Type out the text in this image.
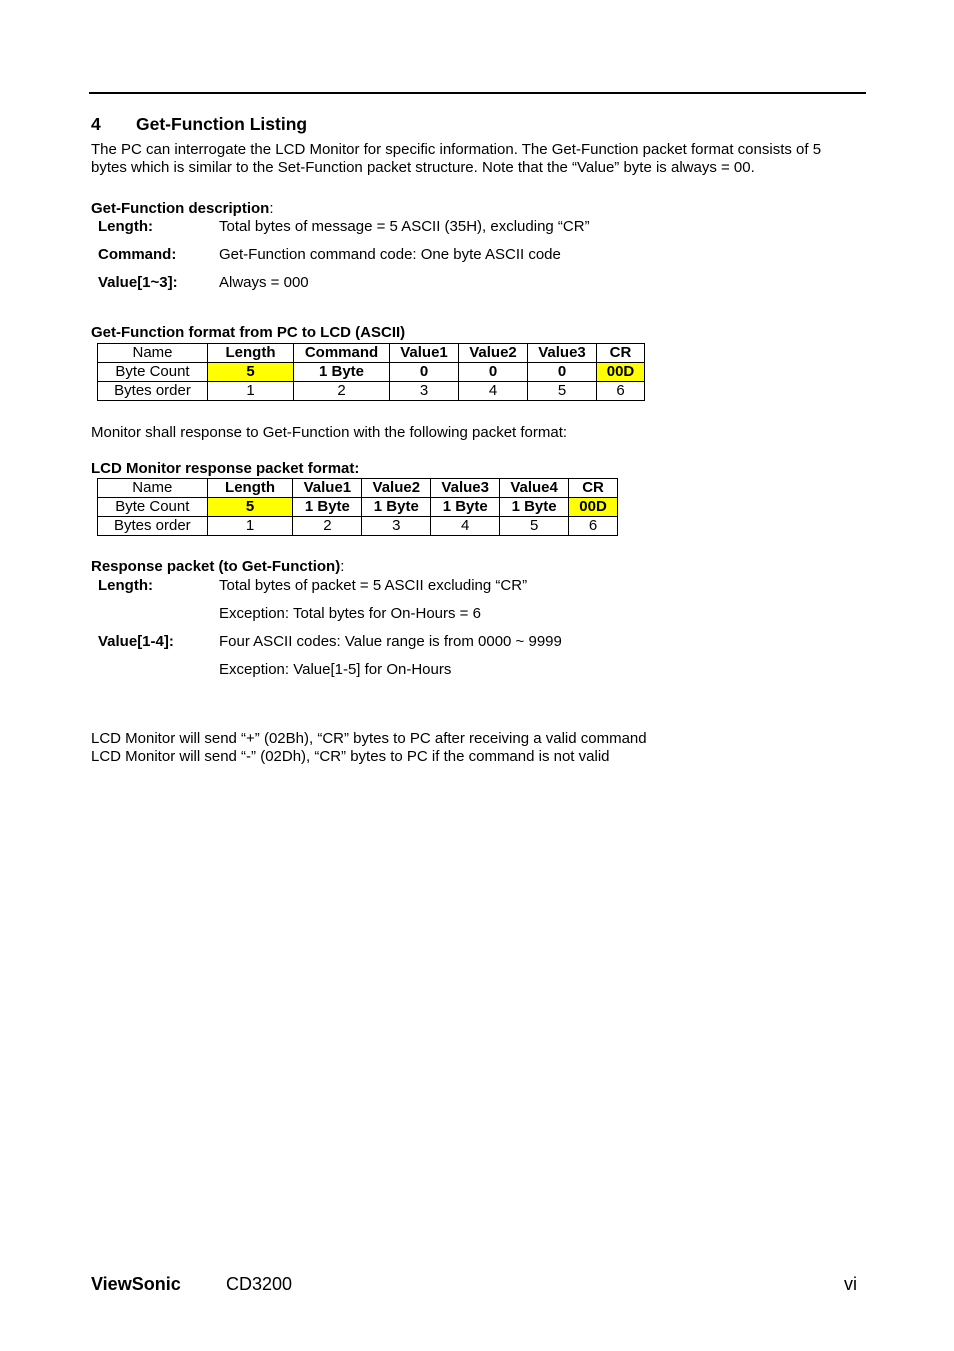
4 Get-Function Listing
The PC can interrogate the LCD Monitor for specific information. The Get-Function packet format consists of 5
bytes which is similar to the Set-Function packet structure. Note that the “Value” byte is always = 00.
Get-Function description:
Length:	Total bytes of message = 5 ASCII (35H), excluding “CR”
Command:	Get-Function command code: One byte ASCII code
Value[1~3]:	Always = 000
Get-Function format from PC to LCD (ASCII)
Name	Length	Command	Value1	Value2	Value3	CR
Byte Count	5	1 Byte	0	0	0	00D
Bytes order	1	2	3	4	5	6
Monitor shall response to Get-Function with the following packet format:
LCD Monitor response packet format:
Name	Length	Value1	Value2	Value3	Value4	CR
Byte Count	5	1 Byte	1 Byte	1 Byte	1 Byte	00D
Bytes order	1	2	3	4	5	6
Response packet (to Get-Function):
Length:	Total bytes of packet = 5 ASCII excluding “CR”
Exception: Total bytes for On-Hours = 6
Value[1-4]:	Four ASCII codes: Value range is from 0000 ~ 9999
Exception: Value[1-5] for On-Hours
LCD Monitor will send “+” (02Bh), “CR” bytes to PC after receiving a valid command
LCD Monitor will send “-” (02Dh), “CR” bytes to PC if the command is not valid
ViewSonic	CD3200	vi
